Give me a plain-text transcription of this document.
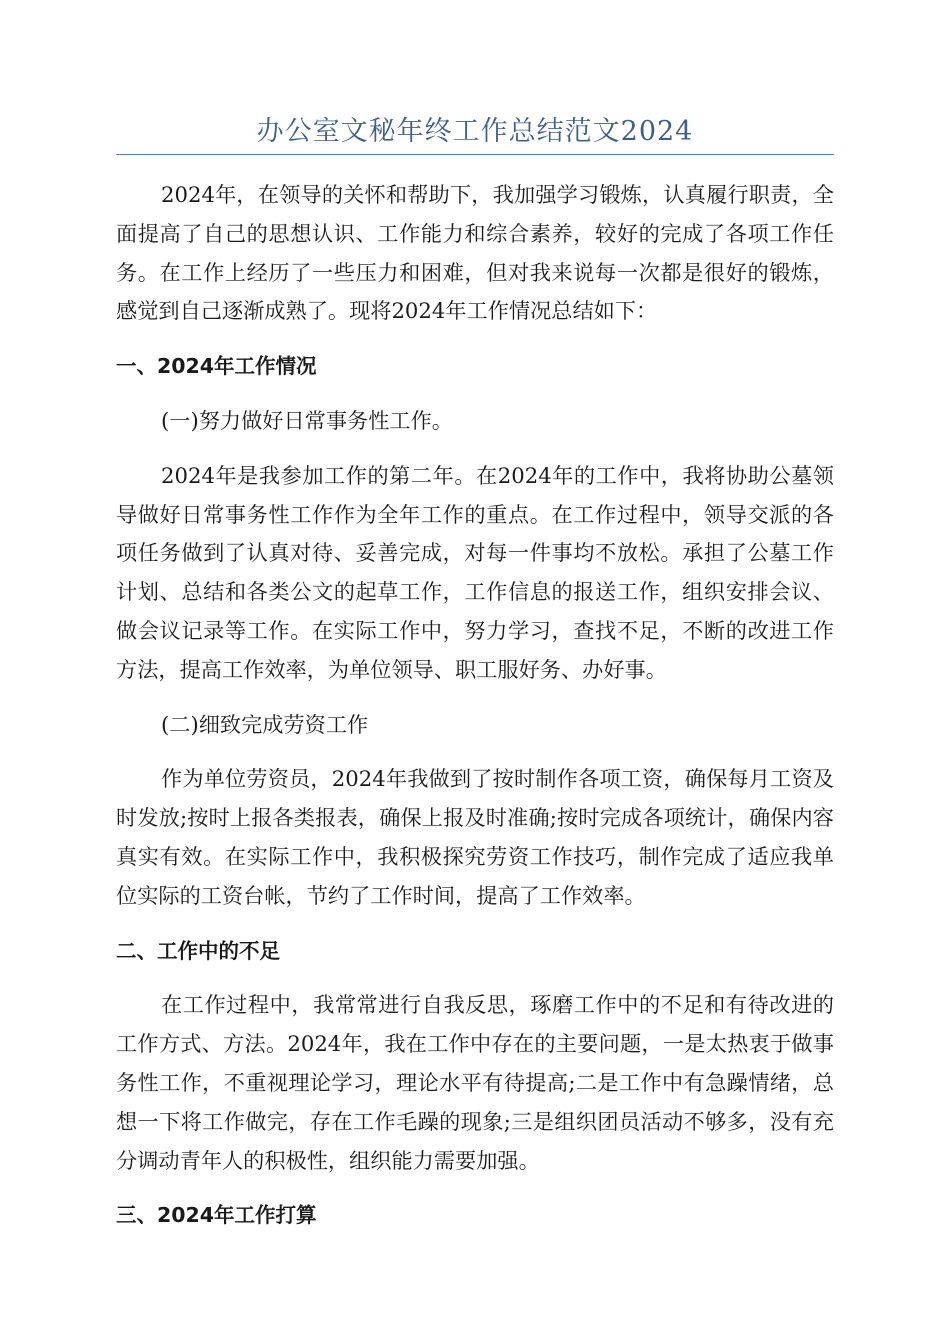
办公室文秘年终工作总结范文2024

2024年，在领导的关怀和帮助下，我加强学习锻炼，认真履行职责，全面提高了自己的思想认识、工作能力和综合素养，较好的完成了各项工作任务。在工作上经历了一些压力和困难，但对我来说每一次都是很好的锻炼，感觉到自己逐渐成熟了。现将2024年工作情况总结如下：

一、2024年工作情况

(一)努力做好日常事务性工作。

2024年是我参加工作的第二年。在2024年的工作中，我将协助公墓领导做好日常事务性工作作为全年工作的重点。在工作过程中，领导交派的各项任务做到了认真对待、妥善完成，对每一件事均不放松。承担了公墓工作计划、总结和各类公文的起草工作，工作信息的报送工作，组织安排会议、做会议记录等工作。在实际工作中，努力学习，查找不足，不断的改进工作方法，提高工作效率，为单位领导、职工服好务、办好事。

(二)细致完成劳资工作

作为单位劳资员，2024年我做到了按时制作各项工资，确保每月工资及时发放;按时上报各类报表，确保上报及时准确;按时完成各项统计，确保内容真实有效。在实际工作中，我积极探究劳资工作技巧，制作完成了适应我单位实际的工资台帐，节约了工作时间，提高了工作效率。

二、工作中的不足

在工作过程中，我常常进行自我反思，琢磨工作中的不足和有待改进的工作方式、方法。2024年，我在工作中存在的主要问题，一是太热衷于做事务性工作，不重视理论学习，理论水平有待提高;二是工作中有急躁情绪，总想一下将工作做完，存在工作毛躁的现象;三是组织团员活动不够多，没有充分调动青年人的积极性，组织能力需要加强。

三、2024年工作打算
